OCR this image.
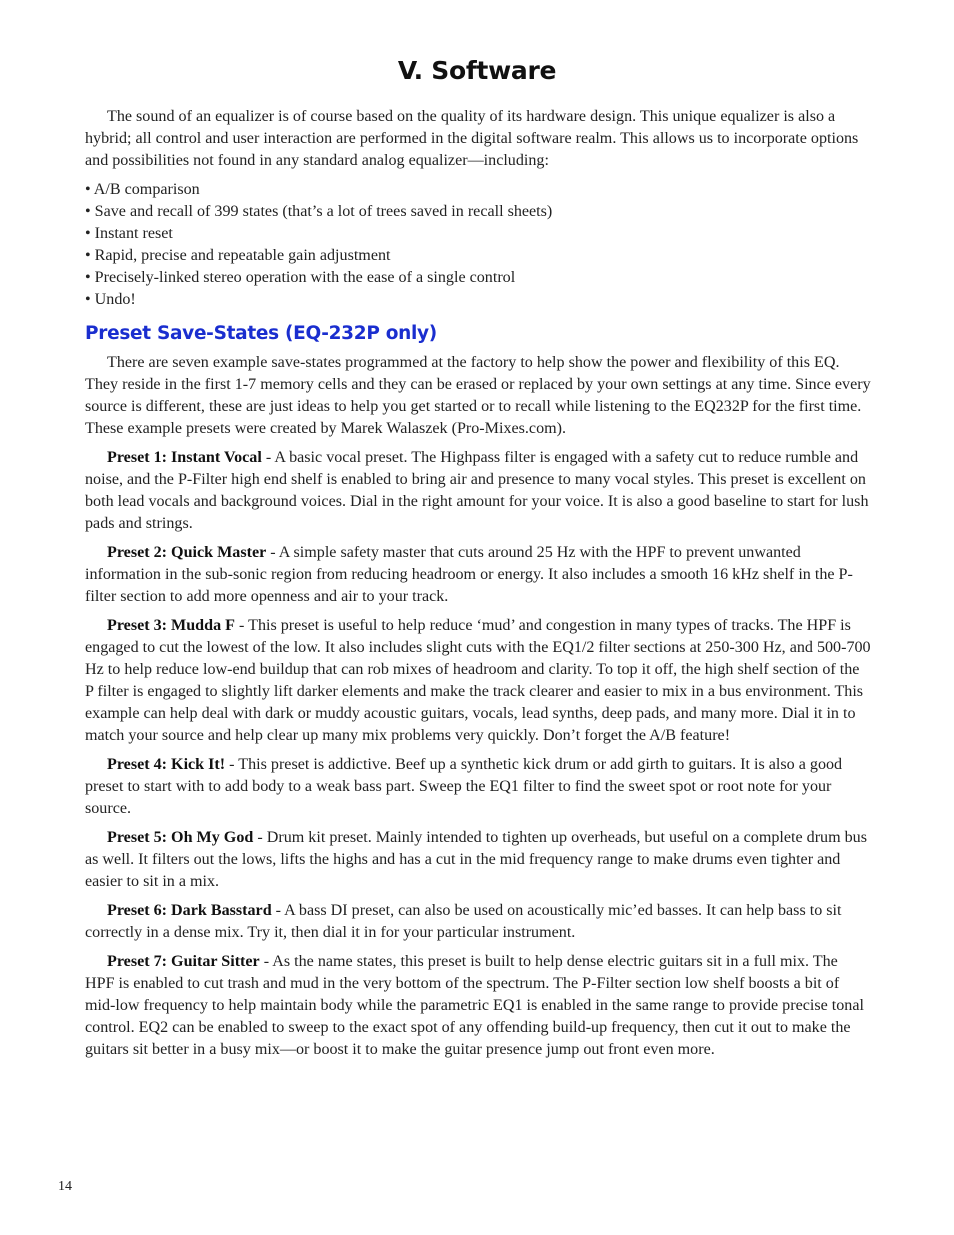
V. Software

The sound of an equalizer is of course based on the quality of its hardware design. This unique equalizer is also a hybrid; all control and user interaction are performed in the digital software realm. This allows us to incorporate options and possibilities not found in any standard analog equalizer—including:

• A/B comparison
• Save and recall of 399 states (that’s a lot of trees saved in recall sheets)
• Instant reset
• Rapid, precise and repeatable gain adjustment
• Precisely-linked stereo operation with the ease of a single control
• Undo!
Preset Save-States (EQ-232P only)

There are seven example save-states programmed at the factory to help show the power and flexibility of this EQ. They reside in the first 1-7 memory cells and they can be erased or replaced by your own settings at any time. Since every source is different, these are just ideas to help you get started or to recall while listening to the EQ232P for the first time. These example presets were created by Marek Walaszek (Pro-Mixes.com).

Preset 1: Instant Vocal - A basic vocal preset. The Highpass filter is engaged with a safety cut to reduce rumble and noise, and the P-Filter high end shelf is enabled to bring air and presence to many vocal styles. This preset is excellent on both lead vocals and background voices. Dial in the right amount for your voice. It is also a good baseline to start for lush pads and strings.

Preset 2: Quick Master - A simple safety master that cuts around 25 Hz with the HPF to prevent unwanted information in the sub-sonic region from reducing headroom or energy. It also includes a smooth 16 kHz shelf in the P-filter section to add more openness and air to your track.

Preset 3: Mudda F - This preset is useful to help reduce ‘mud’ and congestion in many types of tracks. The HPF is engaged to cut the lowest of the low. It also includes slight cuts with the EQ1/2 filter sections at 250-300 Hz, and 500-700 Hz to help reduce low-end buildup that can rob mixes of headroom and clarity. To top it off, the high shelf section of the P filter is engaged to slightly lift darker elements and make the track clearer and easier to mix in a bus environment. This example can help deal with dark or muddy acoustic guitars, vocals, lead synths, deep pads, and many more. Dial it in to match your source and help clear up many mix problems very quickly. Don’t forget the A/B feature!

Preset 4: Kick It! - This preset is addictive. Beef up a synthetic kick drum or add girth to guitars. It is also a good preset to start with to add body to a weak bass part. Sweep the EQ1 filter to find the sweet spot or root note for your source.

Preset 5: Oh My God - Drum kit preset. Mainly intended to tighten up overheads, but useful on a complete drum bus as well. It filters out the lows, lifts the highs and has a cut in the mid frequency range to make drums even tighter and easier to sit in a mix.

Preset 6: Dark Basstard - A bass DI preset, can also be used on acoustically mic’ed basses. It can help bass to sit correctly in a dense mix. Try it, then dial it in for your particular instrument.

Preset 7: Guitar Sitter - As the name states, this preset is built to help dense electric guitars sit in a full mix. The HPF is enabled to cut trash and mud in the very bottom of the spectrum. The P-Filter section low shelf boosts a bit of mid-low frequency to help maintain body while the parametric EQ1 is enabled in the same range to provide precise tonal control. EQ2 can be enabled to sweep to the exact spot of any offending build-up frequency, then cut it out to make the guitars sit better in a busy mix—or boost it to make the guitar presence jump out front even more.

14
